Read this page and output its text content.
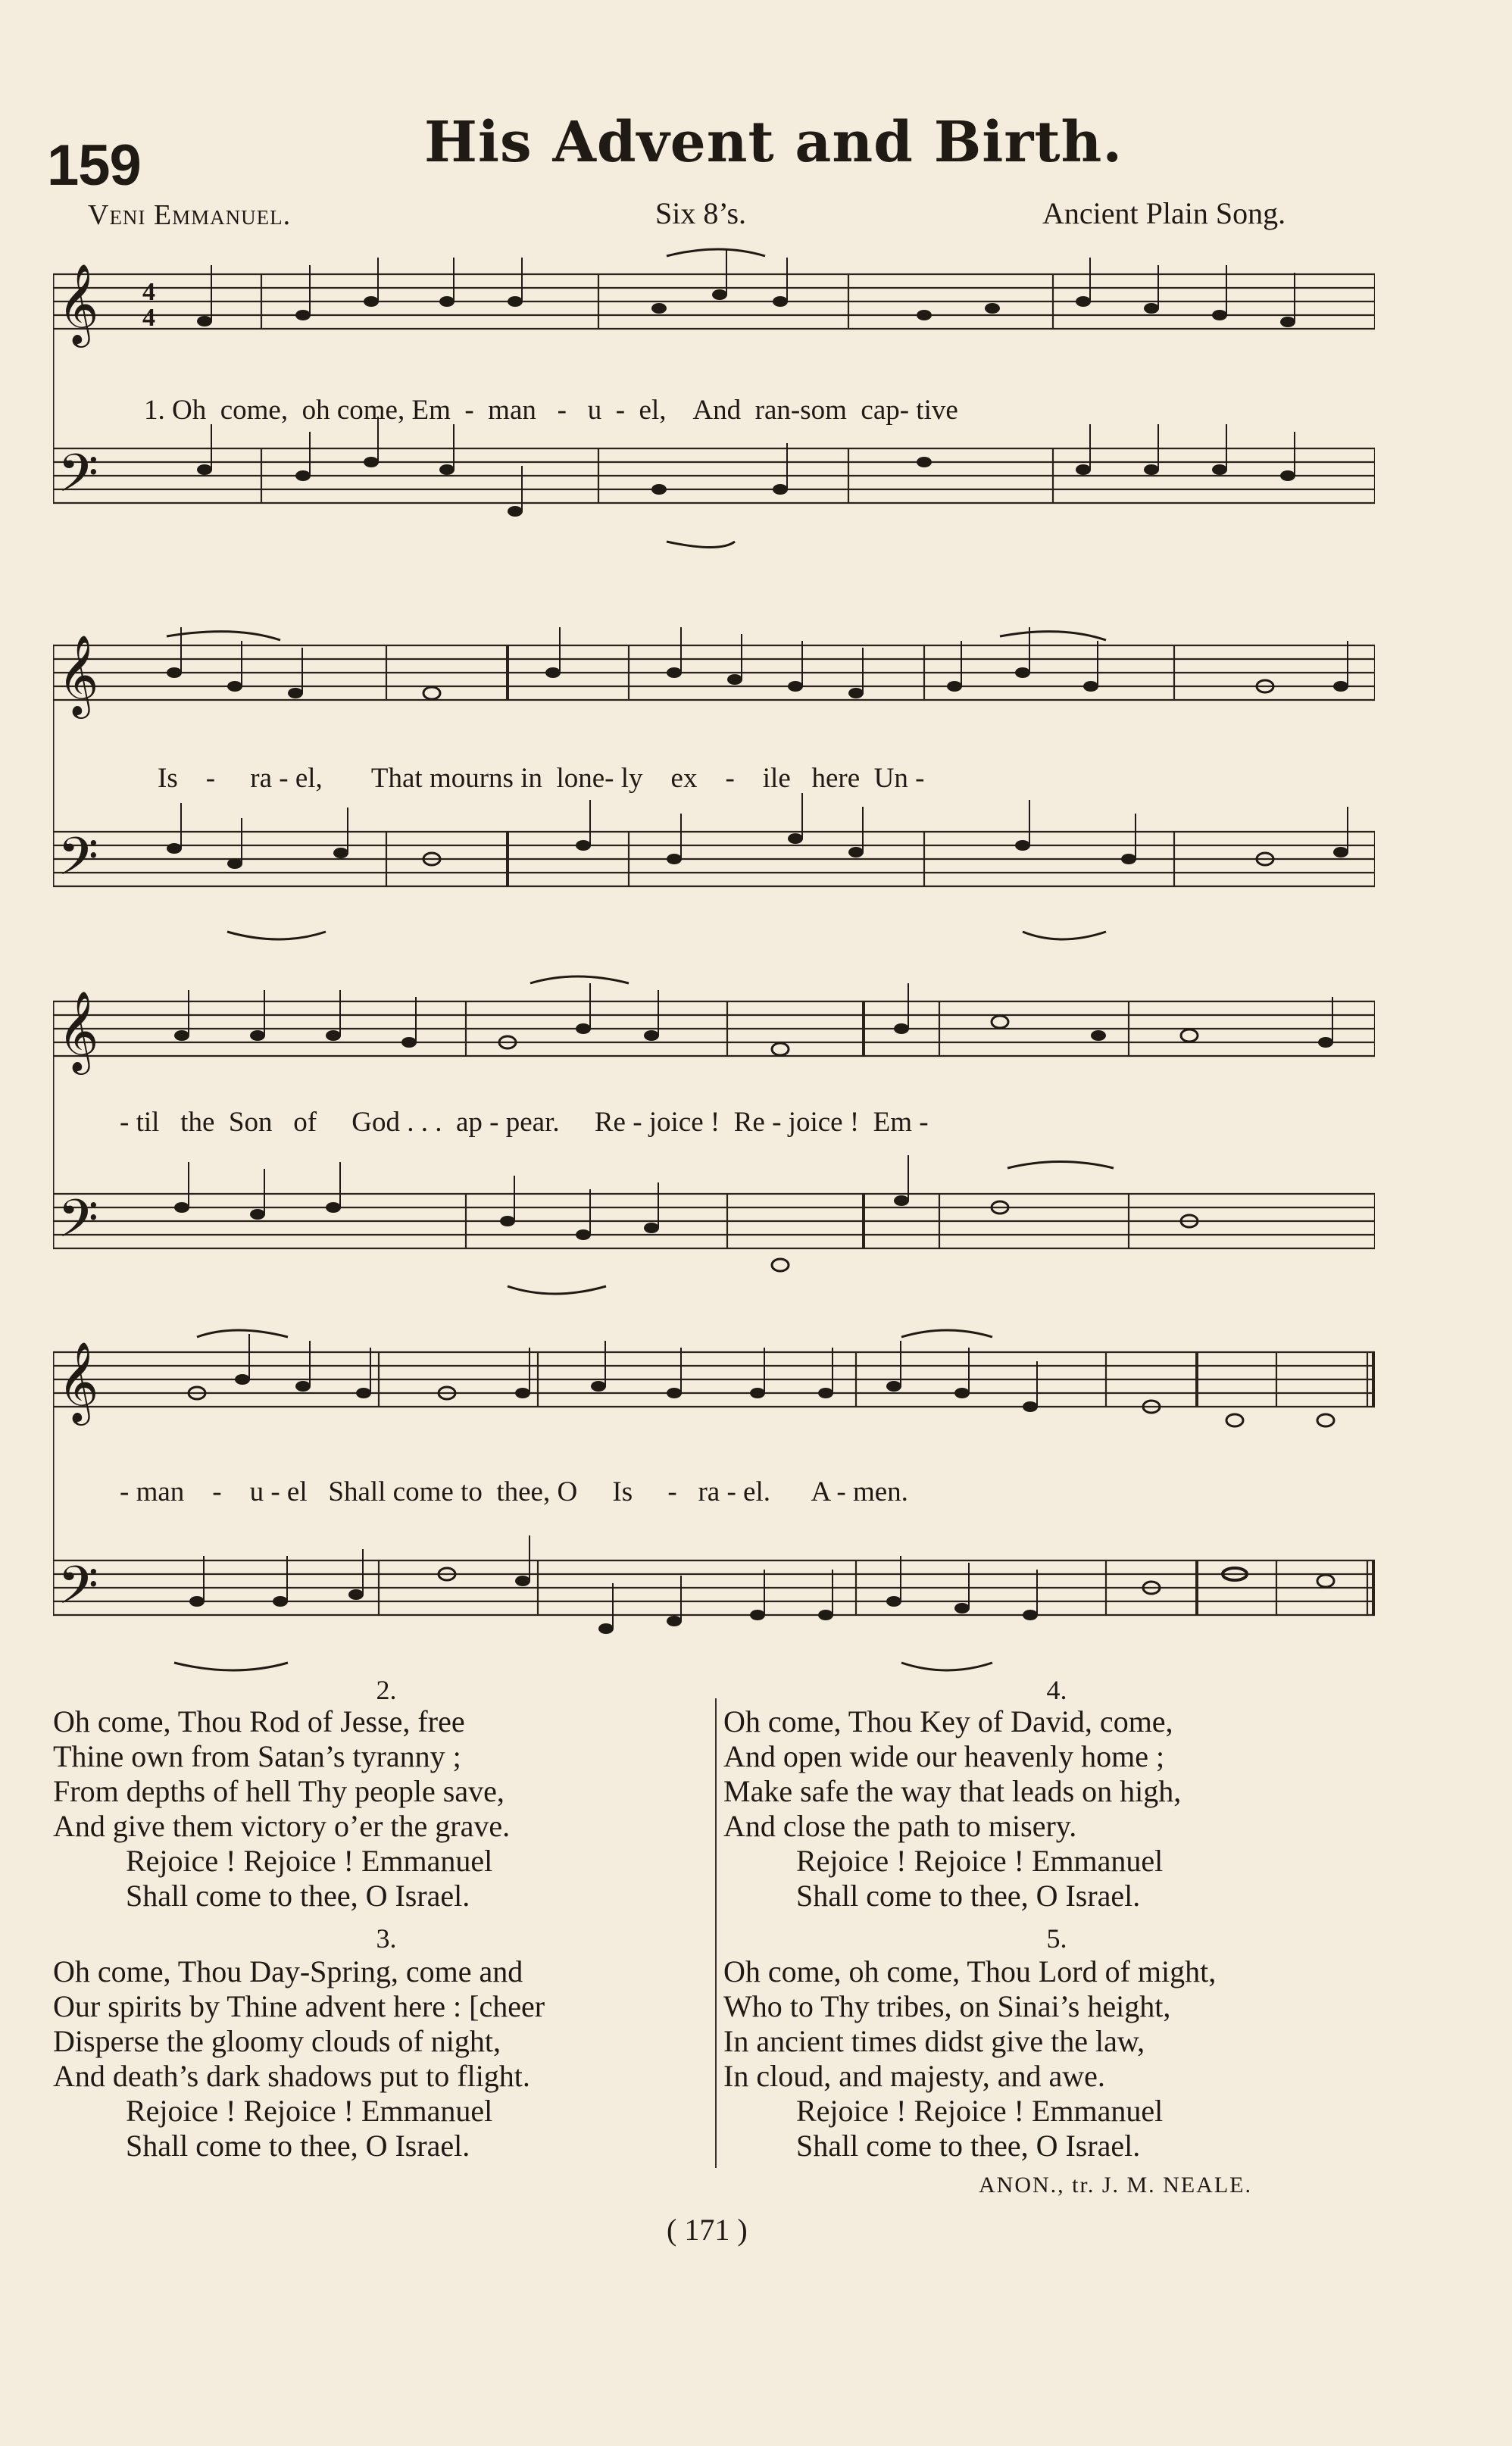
159	His Advent and Birth.
Veni Emmanuel.	Six 8’s.	Ancient Plain Song.
𝄞
𝄢
4
4
1. Oh  come,  oh come, Em  -  man   -   u  -  el,    And  ran-som  cap- tive
𝄞
𝄢
Is    -     ra - el,       That mourns in  lone- ly    ex    -    ile   here  Un -
𝄞
𝄢
- til   the  Son   of     God . . .  ap - pear.     Re - joice !  Re - joice !  Em -
𝄞
𝄢
- man    -    u - el   Shall come to  thee, O     Is     -   ra - el.      A - men.
2.
Oh come, Thou Rod of Jesse, free
Thine own from Satan’s tyranny ;
From depths of hell Thy people save,
And give them victory o’er the grave.
Rejoice ! Rejoice ! Emmanuel
Shall come to thee, O Israel.
3.
Oh come, Thou Day-Spring, come and
Our spirits by Thine advent here : [cheer
Disperse the gloomy clouds of night,
And death’s dark shadows put to flight.
Rejoice ! Rejoice ! Emmanuel
Shall come to thee, O Israel.
4.
Oh come, Thou Key of David, come,
And open wide our heavenly home ;
Make safe the way that leads on high,
And close the path to misery.
Rejoice ! Rejoice ! Emmanuel
Shall come to thee, O Israel.
5.
Oh come, oh come, Thou Lord of might,
Who to Thy tribes, on Sinai’s height,
In ancient times didst give the law,
In cloud, and majesty, and awe.
Rejoice ! Rejoice ! Emmanuel
Shall come to thee, O Israel.
ANON., tr. J. M. NEALE.
( 171 )
